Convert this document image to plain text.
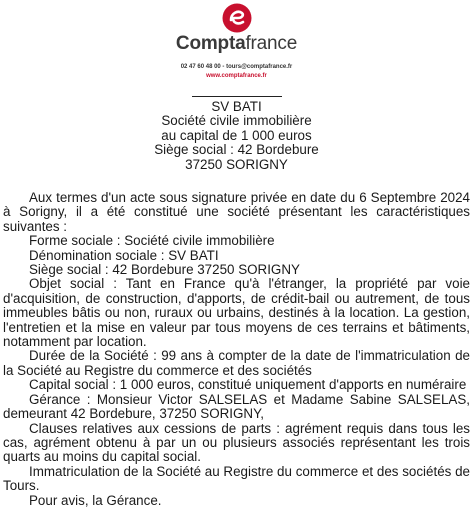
Comptafrance
02 47 60 48 00 - tours@comptafrance.fr
www.comptafrance.fr
SV BATI
Société civile immobilière
au capital de 1 000 euros
Siège social : 42 Bordebure
37250 SORIGNY

Aux termes d'un acte sous signature privée en date du 6 Septembre 2024 à Sorigny, il a été constitué une société présentant les caractéristiques suivantes :

Forme sociale : Société civile immobilière

Dénomination sociale : SV BATI

Siège social : 42 Bordebure 37250 SORIGNY

Objet social : Tant en France qu'à l'étranger, la propriété par voie d'acquisition, de construction, d'apports, de crédit-bail ou autrement, de tous immeubles bâtis ou non, ruraux ou urbains, destinés à la location. La gestion, l'entretien et la mise en valeur par tous moyens de ces terrains et bâtiments, notamment par location.

Durée de la Société : 99 ans à compter de la date de l'immatriculation de la Société au Registre du commerce et des sociétés

Capital social : 1 000 euros, constitué uniquement d'apports en numéraire

Gérance : Monsieur Victor SALSELAS et Madame Sabine SALSELAS, demeurant 42 Bordebure, 37250 SORIGNY,

Clauses relatives aux cessions de parts : agrément requis dans tous les cas, agrément obtenu à par un ou plusieurs associés représentant les trois quarts au moins du capital social.

Immatriculation de la Société au Registre du commerce et des sociétés de Tours.

Pour avis, la Gérance.
